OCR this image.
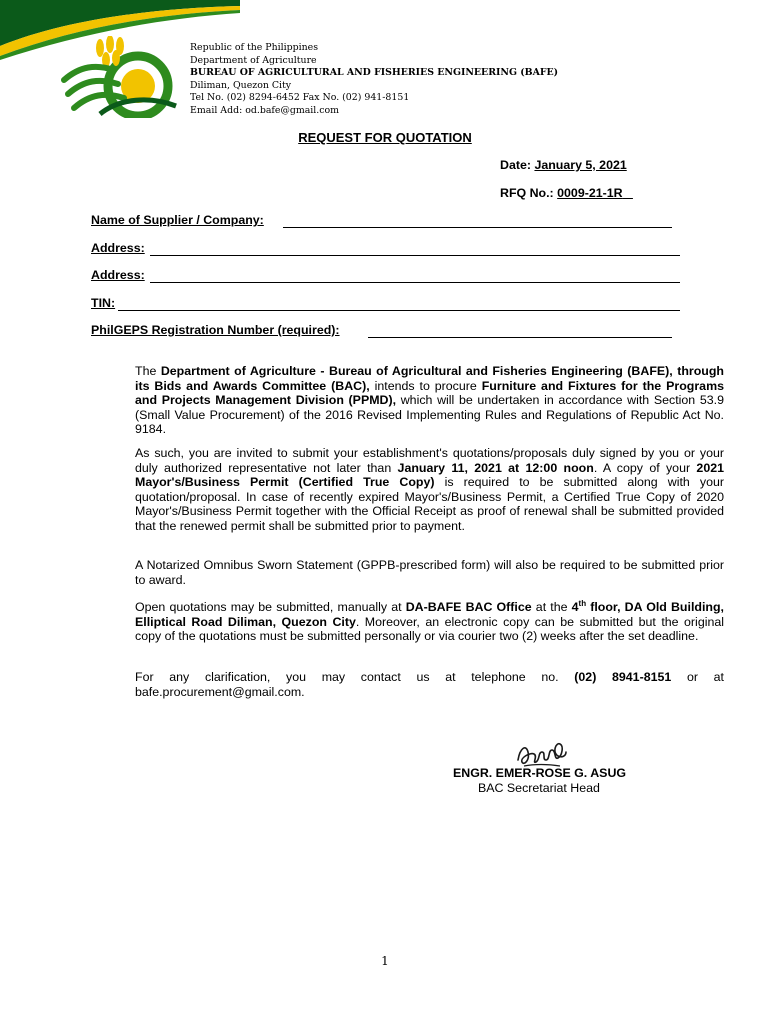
Republic of the Philippines
Department of Agriculture
BUREAU OF AGRICULTURAL AND FISHERIES ENGINEERING (BAFE)
Diliman, Quezon City
Tel No. (02) 8294-6452 Fax No. (02) 941-8151
Email Add: od.bafe@gmail.com
REQUEST FOR QUOTATION
Date: January 5, 2021
RFQ No.: 0009-21-1R
Name of Supplier / Company:
Address:
Address:
TIN:
PhilGEPS Registration Number (required):
The Department of Agriculture - Bureau of Agricultural and Fisheries Engineering (BAFE), through its Bids and Awards Committee (BAC), intends to procure Furniture and Fixtures for the Programs and Projects Management Division (PPMD), which will be undertaken in accordance with Section 53.9 (Small Value Procurement) of the 2016 Revised Implementing Rules and Regulations of Republic Act No. 9184.
As such, you are invited to submit your establishment's quotations/proposals duly signed by you or your duly authorized representative not later than January 11, 2021 at 12:00 noon. A copy of your 2021 Mayor's/Business Permit (Certified True Copy) is required to be submitted along with your quotation/proposal. In case of recently expired Mayor's/Business Permit, a Certified True Copy of 2020 Mayor's/Business Permit together with the Official Receipt as proof of renewal shall be submitted provided that the renewed permit shall be submitted prior to payment.
A Notarized Omnibus Sworn Statement (GPPB-prescribed form) will also be required to be submitted prior to award.
Open quotations may be submitted, manually at DA-BAFE BAC Office at the 4th floor, DA Old Building, Elliptical Road Diliman, Quezon City. Moreover, an electronic copy can be submitted but the original copy of the quotations must be submitted personally or via courier two (2) weeks after the set deadline.
For any clarification, you may contact us at telephone no. (02) 8941-8151 or at bafe.procurement@gmail.com.
ENGR. EMER-ROSE G. ASUG
BAC Secretariat Head
1
